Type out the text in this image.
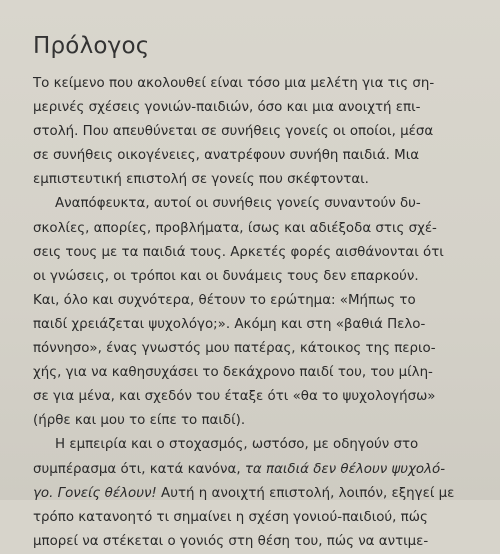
Πρόλογος
Το κείμενο που ακολουθεί είναι τόσο μια μελέτη για τις ση-
μερινές σχέσεις γονιών-παιδιών, όσο και μια ανοιχτή επι-
στολή. Που απευθύνεται σε συνήθεις γονείς οι οποίοι, μέσα
σε συνήθεις οικογένειες, ανατρέφουν συνήθη παιδιά. Μια
εμπιστευτική επιστολή σε γονείς που σκέφτονται.
Αναπόφευκτα, αυτοί οι συνήθεις γονείς συναντούν δυ-
σκολίες, απορίες, προβλήματα, ίσως και αδιέξοδα στις σχέ-
σεις τους με τα παιδιά τους. Αρκετές φορές αισθάνονται ότι
οι γνώσεις, οι τρόποι και οι δυνάμεις τους δεν επαρκούν.
Και, όλο και συχνότερα, θέτουν το ερώτημα: «Μήπως το
παιδί χρειάζεται ψυχολόγο;». Ακόμη και στη «βαθιά Πελο-
πόννησο», ένας γνωστός μου πατέρας, κάτοικος της περιο-
χής, για να καθησυχάσει το δεκάχρονο παιδί του, του μίλη-
σε για μένα, και σχεδόν του έταξε ότι «θα το ψυχολογήσω»
(ήρθε και μου το είπε το παιδί).
Η εμπειρία και ο στοχασμός, ωστόσο, με οδηγούν στο
συμπέρασμα ότι, κατά κανόνα, τα παιδιά δεν θέλουν ψυχολό-
γο. Γονείς θέλουν! Αυτή η ανοιχτή επιστολή, λοιπόν, εξηγεί με
τρόπο κατανοητό τι σημαίνει η σχέση γονιού-παιδιού, πώς
μπορεί να στέκεται ο γονιός στη θέση του, πώς να αντιμε-
